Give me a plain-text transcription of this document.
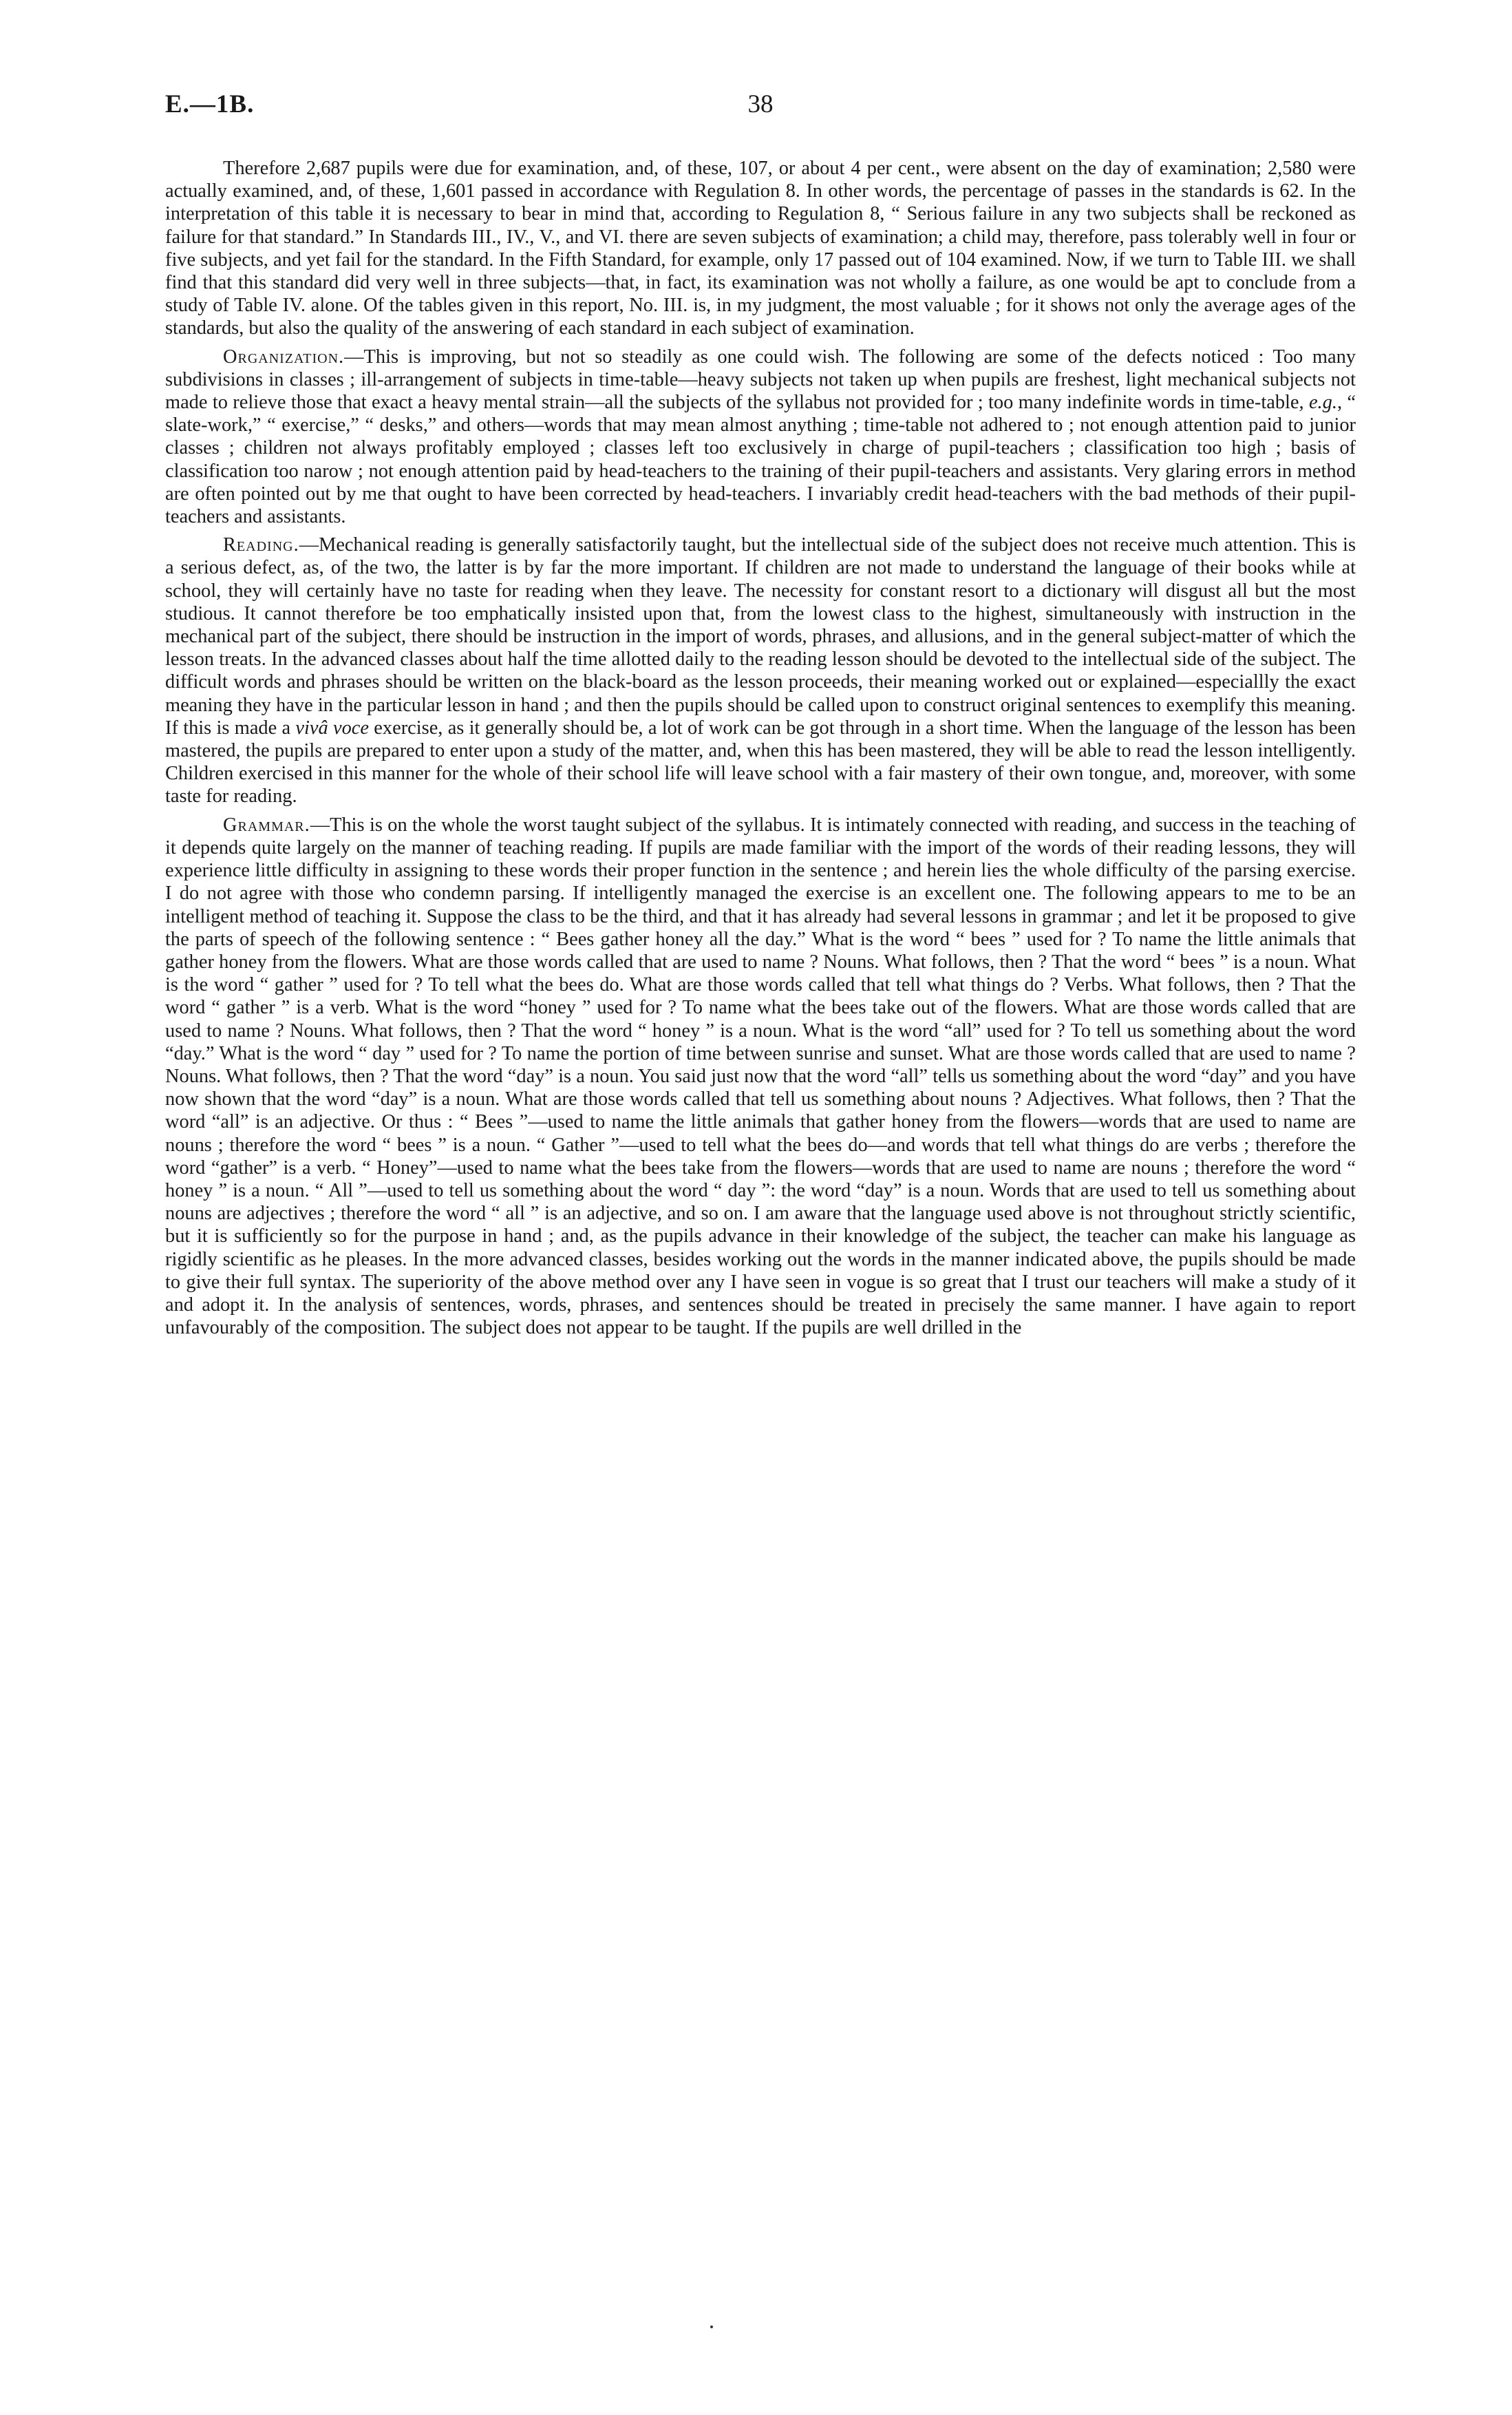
E.—1B.	38

Therefore 2,687 pupils were due for examination, and, of these, 107, or about 4 per cent., were absent on the day of examination; 2,580 were actually examined, and, of these, 1,601 passed in accordance with Regulation 8. In other words, the percentage of passes in the standards is 62. In the interpretation of this table it is necessary to bear in mind that, according to Regulation 8, “ Serious failure in any two subjects shall be reckoned as failure for that standard.” In Standards III., IV., V., and VI. there are seven subjects of examination; a child may, therefore, pass tolerably well in four or five subjects, and yet fail for the standard. In the Fifth Standard, for example, only 17 passed out of 104 examined. Now, if we turn to Table III. we shall find that this standard did very well in three subjects—that, in fact, its examination was not wholly a failure, as one would be apt to conclude from a study of Table IV. alone. Of the tables given in this report, No. III. is, in my judgment, the most valuable ; for it shows not only the average ages of the standards, but also the quality of the answering of each standard in each subject of examination.

Organization.—This is improving, but not so steadily as one could wish. The following are some of the defects noticed : Too many subdivisions in classes ; ill-arrangement of subjects in time-table—heavy subjects not taken up when pupils are freshest, light mechanical subjects not made to relieve those that exact a heavy mental strain—all the subjects of the syllabus not provided for ; too many indefinite words in time-table, e.g., “ slate-work,” “ exercise,” “ desks,” and others—words that may mean almost anything ; time-table not adhered to ; not enough attention paid to junior classes ; children not always profitably employed ; classes left too exclusively in charge of pupil-teachers ; classification too high ; basis of classification too narow ; not enough attention paid by head-teachers to the training of their pupil-teachers and assistants. Very glaring errors in method are often pointed out by me that ought to have been corrected by head-teachers. I invariably credit head-teachers with the bad methods of their pupil-teachers and assistants.

Reading.—Mechanical reading is generally satisfactorily taught, but the intellectual side of the subject does not receive much attention. This is a serious defect, as, of the two, the latter is by far the more important. If children are not made to understand the language of their books while at school, they will certainly have no taste for reading when they leave. The necessity for constant resort to a dictionary will disgust all but the most studious. It cannot therefore be too emphatically insisted upon that, from the lowest class to the highest, simultaneously with instruction in the mechanical part of the subject, there should be instruction in the import of words, phrases, and allusions, and in the general subject-matter of which the lesson treats. In the advanced classes about half the time allotted daily to the reading lesson should be devoted to the intellectual side of the subject. The difficult words and phrases should be written on the black-board as the lesson proceeds, their meaning worked out or explained—especiallly the exact meaning they have in the particular lesson in hand ; and then the pupils should be called upon to construct original sentences to exemplify this meaning. If this is made a vivâ voce exercise, as it generally should be, a lot of work can be got through in a short time. When the language of the lesson has been mastered, the pupils are prepared to enter upon a study of the matter, and, when this has been mastered, they will be able to read the lesson intelligently. Children exercised in this manner for the whole of their school life will leave school with a fair mastery of their own tongue, and, moreover, with some taste for reading.

Grammar.—This is on the whole the worst taught subject of the syllabus. It is intimately connected with reading, and success in the teaching of it depends quite largely on the manner of teaching reading. If pupils are made familiar with the import of the words of their reading lessons, they will experience little difficulty in assigning to these words their proper function in the sentence ; and herein lies the whole difficulty of the parsing exercise. I do not agree with those who condemn parsing. If intelligently managed the exercise is an excellent one. The following appears to me to be an intelligent method of teaching it. Suppose the class to be the third, and that it has already had several lessons in grammar ; and let it be proposed to give the parts of speech of the following sentence : “ Bees gather honey all the day.” What is the word “ bees ” used for ? To name the little animals that gather honey from the flowers. What are those words called that are used to name ? Nouns. What follows, then ? That the word “ bees ” is a noun. What is the word “ gather ” used for ? To tell what the bees do. What are those words called that tell what things do ? Verbs. What follows, then ? That the word “ gather ” is a verb. What is the word “honey ” used for ? To name what the bees take out of the flowers. What are those words called that are used to name ? Nouns. What follows, then ? That the word “ honey ” is a noun. What is the word “all” used for ? To tell us something about the word “day.” What is the word “ day ” used for ? To name the portion of time between sunrise and sunset. What are those words called that are used to name ? Nouns. What follows, then ? That the word “day” is a noun. You said just now that the word “all” tells us something about the word “day” and you have now shown that the word “day” is a noun. What are those words called that tell us something about nouns ? Adjectives. What follows, then ? That the word “all” is an adjective. Or thus : “ Bees ”—used to name the little animals that gather honey from the flowers—words that are used to name are nouns ; therefore the word “ bees ” is a noun. “ Gather ”—used to tell what the bees do—and words that tell what things do are verbs ; therefore the word “gather” is a verb. “ Honey”—used to name what the bees take from the flowers—words that are used to name are nouns ; therefore the word “ honey ” is a noun. “ All ”—used to tell us something about the word “ day ”: the word “day” is a noun. Words that are used to tell us something about nouns are adjectives ; therefore the word “ all ” is an adjective, and so on. I am aware that the language used above is not throughout strictly scientific, but it is sufficiently so for the purpose in hand ; and, as the pupils advance in their knowledge of the subject, the teacher can make his language as rigidly scientific as he pleases. In the more advanced classes, besides working out the words in the manner indicated above, the pupils should be made to give their full syntax. The superiority of the above method over any I have seen in vogue is so great that I trust our teachers will make a study of it and adopt it. In the analysis of sentences, words, phrases, and sentences should be treated in precisely the same manner. I have again to report unfavourably of the composition. The subject does not appear to be taught. If the pupils are well drilled in the
